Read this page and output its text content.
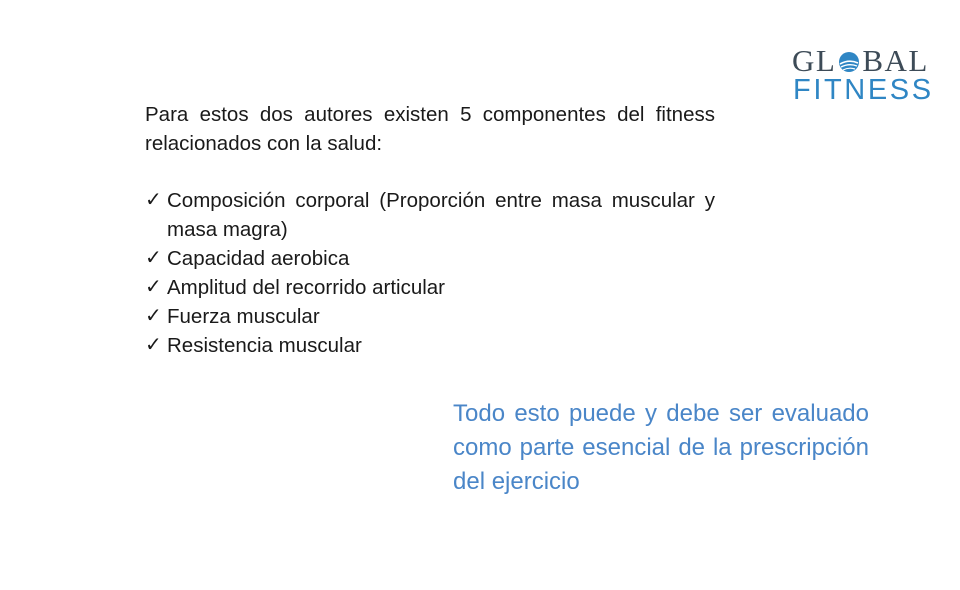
GL BAL
FITNESS
Para estos dos autores existen 5 componentes del fitness relacionados con la salud:
✓ Composición corporal (Proporción entre masa muscular y masa magra)
✓ Capacidad aerobica
✓ Amplitud del recorrido articular
✓ Fuerza muscular
✓ Resistencia muscular
Todo esto puede y debe ser evaluado como parte esencial de la prescripción del ejercicio
